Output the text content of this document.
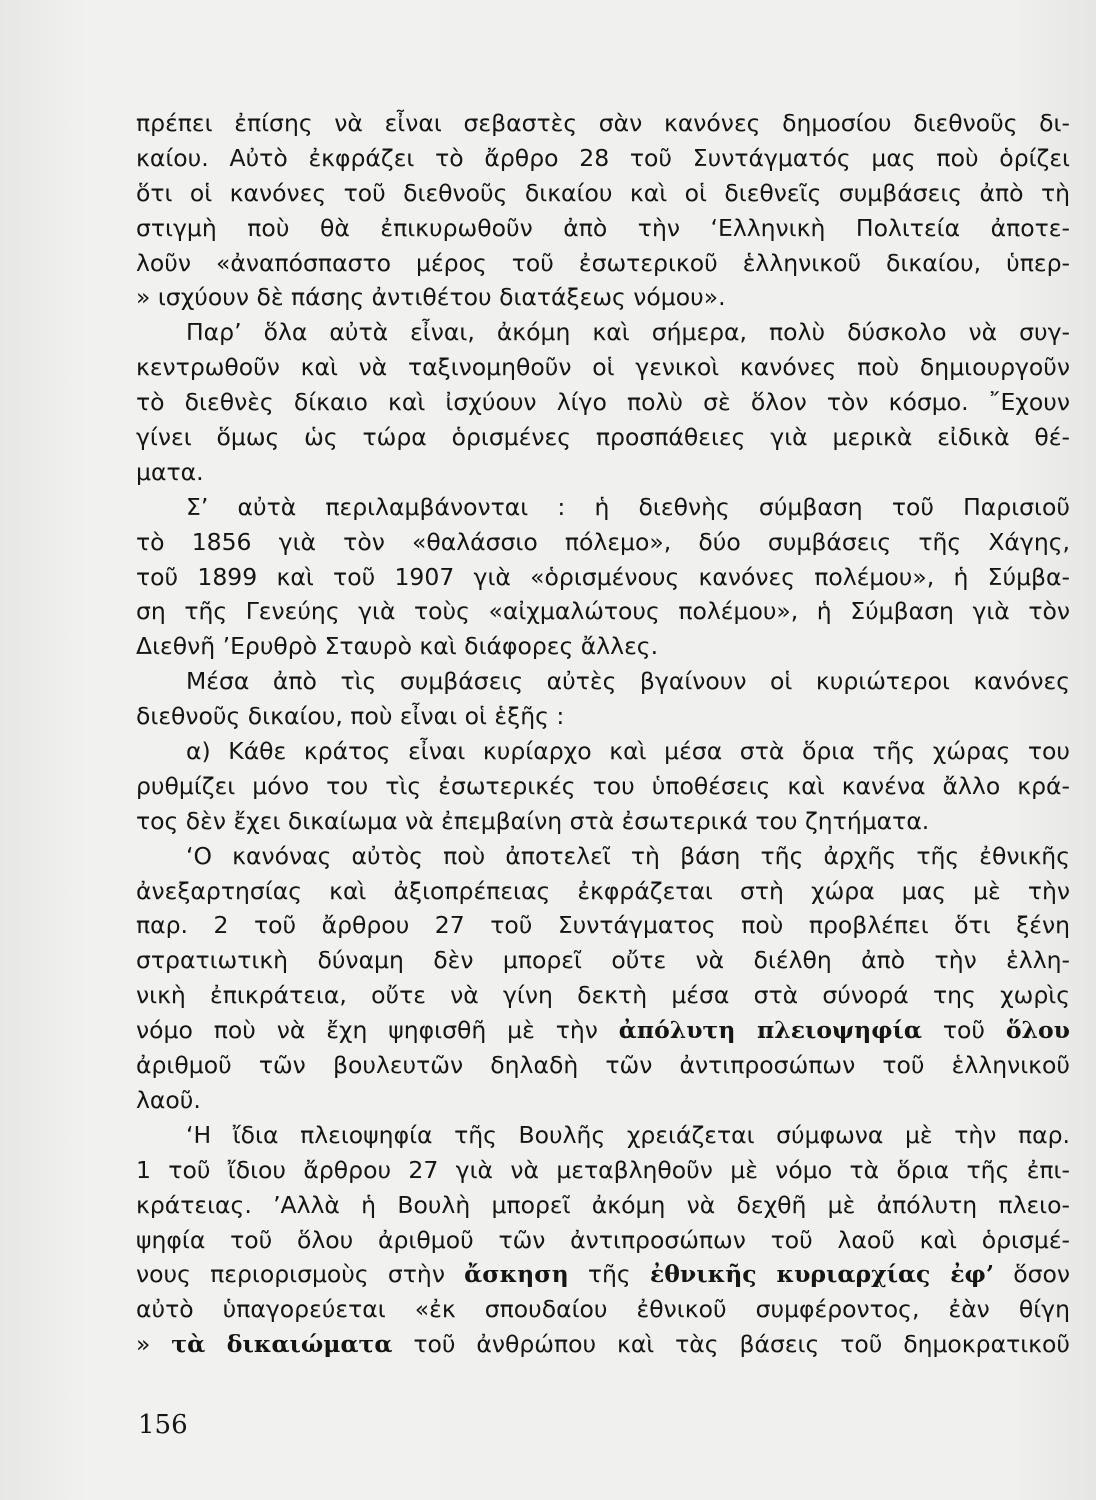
πρέπει ἐπίσης νὰ εἶναι σεβαστὲς σὰν κανόνες δημοσίου διεθνοῦς δι-
καίου. Αὐτὸ ἐκφράζει τὸ ἄρθρο 28 τοῦ Συντάγματός μας ποὺ ὁρίζει
ὅτι οἱ κανόνες τοῦ διεθνοῦς δικαίου καὶ οἱ διεθνεῖς συμβάσεις ἀπὸ τὴ
στιγμὴ ποὺ θὰ ἐπικυρωθοῦν ἀπὸ τὴν ‘Ελληνικὴ Πολιτεία ἀποτε-
λοῦν «ἀναπόσπαστο μέρος τοῦ ἐσωτερικοῦ ἑλληνικοῦ δικαίου, ὑπερ-
» ισχύουν δὲ πάσης ἀντιθέτου διατάξεως νόμου».
Παρ’ ὅλα αὐτὰ εἶναι, ἀκόμη καὶ σήμερα, πολὺ δύσκολο νὰ συγ-
κεντρωθοῦν καὶ νὰ ταξινομηθοῦν οἱ γενικοὶ κανόνες ποὺ δημιουργοῦν
τὸ διεθνὲς δίκαιο καὶ ἰσχύουν λίγο πολὺ σὲ ὅλον τὸν κόσμο. ῎Εχουν
γίνει ὅμως ὡς τώρα ὁρισμένες προσπάθειες γιὰ μερικὰ εἰδικὰ θέ-
ματα.
Σ’ αὐτὰ περιλαμβάνονται : ἡ διεθνὴς σύμβαση τοῦ Παρισιοῦ
τὸ 1856 γιὰ τὸν «θαλάσσιο πόλεμο», δύο συμβάσεις τῆς Χάγης,
τοῦ 1899 καὶ τοῦ 1907 γιὰ «ὁρισμένους κανόνες πολέμου», ἡ Σύμβα-
ση τῆς Γενεύης γιὰ τοὺς «αἰχμαλώτους πολέμου», ἡ Σύμβαση γιὰ τὸν
Διεθνῆ ’Ερυθρὸ Σταυρὸ καὶ διάφορες ἄλλες.
Μέσα ἀπὸ τὶς συμβάσεις αὐτὲς βγαίνουν οἱ κυριώτεροι κανόνες
διεθνοῦς δικαίου, ποὺ εἶναι οἱ ἑξῆς :
α) Κάθε κράτος εἶναι κυρίαρχο καὶ μέσα στὰ ὅρια τῆς χώρας του
ρυθμίζει μόνο του τὶς ἐσωτερικές του ὑποθέσεις καὶ κανένα ἄλλο κρά-
τος δὲν ἔχει δικαίωμα νὰ ἐπεμβαίνη στὰ ἐσωτερικά του ζητήματα.
‘Ο κανόνας αὐτὸς ποὺ ἀποτελεῖ τὴ βάση τῆς ἀρχῆς τῆς ἐθνικῆς
ἀνεξαρτησίας καὶ ἀξιοπρέπειας ἐκφράζεται στὴ χώρα μας μὲ τὴν
παρ. 2 τοῦ ἄρθρου 27 τοῦ Συντάγματος ποὺ προβλέπει ὅτι ξένη
στρατιωτικὴ δύναμη δὲν μπορεῖ οὔτε νὰ διέλθη ἀπὸ τὴν ἑλλη-
νικὴ ἐπικράτεια, οὔτε νὰ γίνη δεκτὴ μέσα στὰ σύνορά της χωρὶς
νόμο ποὺ νὰ ἔχη ψηφισθῆ μὲ τὴν ἀπόλυτη πλειοψηφία τοῦ ὅλου
ἀριθμοῦ τῶν βουλευτῶν δηλαδὴ τῶν ἀντιπροσώπων τοῦ ἑλληνικοῦ
λαοῦ.
‘Η ἴδια πλειοψηφία τῆς Βουλῆς χρειάζεται σύμφωνα μὲ τὴν παρ.
1 τοῦ ἴδιου ἄρθρου 27 γιὰ νὰ μεταβληθοῦν μὲ νόμο τὰ ὅρια τῆς ἐπι-
κράτειας. ’Αλλὰ ἡ Βουλὴ μπορεῖ ἀκόμη νὰ δεχθῆ μὲ ἀπόλυτη πλειο-
ψηφία τοῦ ὅλου ἀριθμοῦ τῶν ἀντιπροσώπων τοῦ λαοῦ καὶ ὁρισμέ-
νους περιορισμοὺς στὴν ἄσκηση τῆς ἐθνικῆς κυριαρχίας ἐφ’ ὅσον
αὐτὸ ὑπαγορεύεται «ἐκ σπουδαίου ἐθνικοῦ συμφέροντος, ἐὰν θίγη
» τὰ δικαιώματα τοῦ ἀνθρώπου καὶ τὰς βάσεις τοῦ δημοκρατικοῦ
156
